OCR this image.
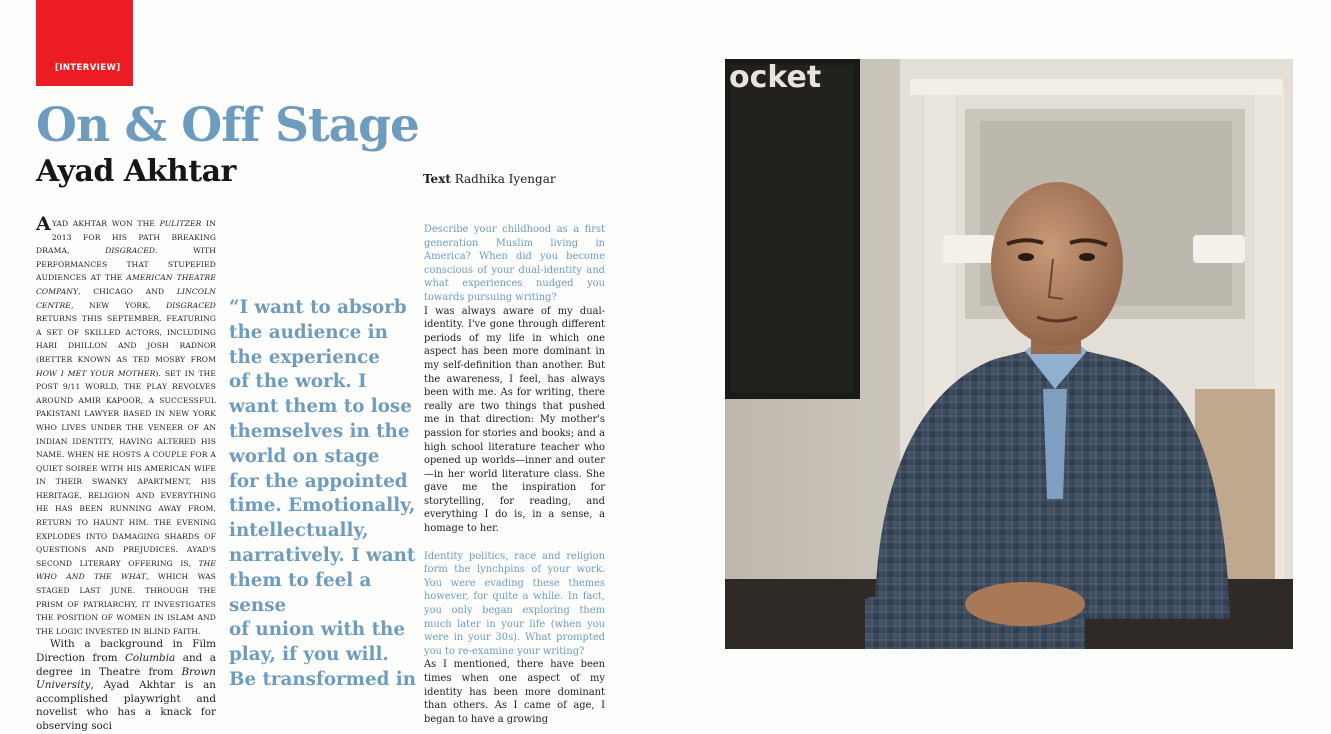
[INTERVIEW]
On & Off Stage
Ayad Akhtar	Text Radhika Iyengar

AYAD AKHTAR WON THE PULITZER IN 2013 FOR HIS PATH BREAKING DRAMA, DISGRACED. WITH PERFORMANCES THAT STUPEFIED AUDIENCES AT THE AMERICAN THEATRE COMPANY, CHICAGO AND LINCOLN CENTRE, NEW YORK, DISGRACED RETURNS THIS SEPTEMBER, FEATURING A SET OF SKILLED ACTORS, INCLUDING HARI DHILLON AND JOSH RADNOR (BETTER KNOWN AS TED MOSBY FROM HOW I MET YOUR MOTHER). SET IN THE POST 9/11 WORLD, THE PLAY REVOLVES AROUND AMIR KAPOOR, A SUCCESSFUL PAKISTANI LAWYER BASED IN NEW YORK WHO LIVES UNDER THE VENEER OF AN INDIAN IDENTITY, HAVING ALTERED HIS NAME. WHEN HE HOSTS A COUPLE FOR A QUIET SOIREE WITH HIS AMERICAN WIFE IN THEIR SWANKY APARTMENT, HIS HERITAGE, RELIGION AND EVERYTHING HE HAS BEEN RUNNING AWAY FROM, RETURN TO HAUNT HIM. THE EVENING EXPLODES INTO DAMAGING SHARDS OF QUESTIONS AND PREJUDICES. AYAD'S SECOND LITERARY OFFERING IS, THE WHO AND THE WHAT, WHICH WAS STAGED LAST JUNE. THROUGH THE PRISM OF PATRIARCHY, IT INVESTIGATES THE POSITION OF WOMEN IN ISLAM AND THE LOGIC INVESTED IN BLIND FAITH.

With a background in Film Direction from Columbia and a degree in Theatre from Brown University, Ayad Akhtar is an accomplished playwright and novelist who has a knack for observing soci

“I want to absorb
the audience in
the experience
of the work. I
want them to lose
themselves in the
world on stage
for the appointed
time. Emotionally,
intellectually,
narratively. I want
them to feel a sense
of union with the
play, if you will.
Be transformed in

Describe your childhood as a first generation Muslim living in America? When did you become conscious of your dual-identity and what experiences nudged you towards pursuing writing?

I was always aware of my dual-identity. I've gone through different periods of my life in which one aspect has been more dominant in my self-definition than another. But the awareness, I feel, has always been with me. As for writing, there really are two things that pushed me in that direction: My mother's passion for stories and books; and a high school literature teacher who opened up worlds—inner and outer—in her world literature class. She gave me the inspiration for storytelling, for reading, and everything I do is, in a sense, a homage to her.

Identity politics, race and religion form the lynchpins of your work. You were evading these themes however, for quite a while. In fact, you only began exploring them much later in your life (when you were in your 30s). What prompted you to re-examine your writing?

As I mentioned, there have been times when one aspect of my identity has been more dominant than others. As I came of age, I began to have a growing

ocket
